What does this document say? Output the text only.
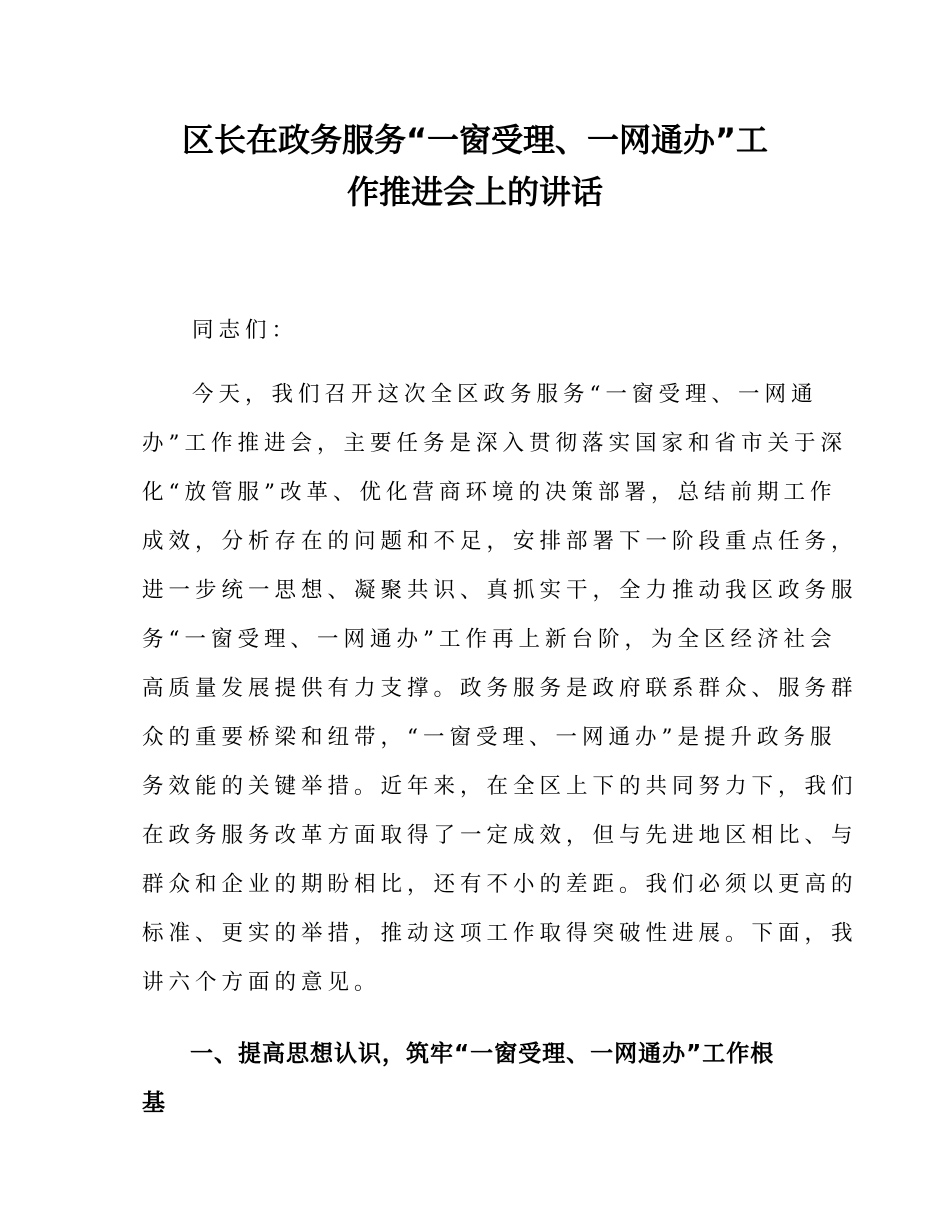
区长在政务服务“一窗受理、一网通办”工
作推进会上的讲话

同志们：

今天，我们召开这次全区政务服务“一窗受理、一网通
办”工作推进会，主要任务是深入贯彻落实国家和省市关于深
化“放管服”改革、优化营商环境的决策部署，总结前期工作
成效，分析存在的问题和不足，安排部署下一阶段重点任务，
进一步统一思想、凝聚共识、真抓实干，全力推动我区政务服
务“一窗受理、一网通办”工作再上新台阶，为全区经济社会
高质量发展提供有力支撑。政务服务是政府联系群众、服务群
众的重要桥梁和纽带，“一窗受理、一网通办”是提升政务服
务效能的关键举措。近年来，在全区上下的共同努力下，我们
在政务服务改革方面取得了一定成效，但与先进地区相比、与
群众和企业的期盼相比，还有不小的差距。我们必须以更高的
标准、更实的举措，推动这项工作取得突破性进展。下面，我
讲六个方面的意见。

一、提高思想认识，筑牢“一窗受理、一网通办”工作根
基
